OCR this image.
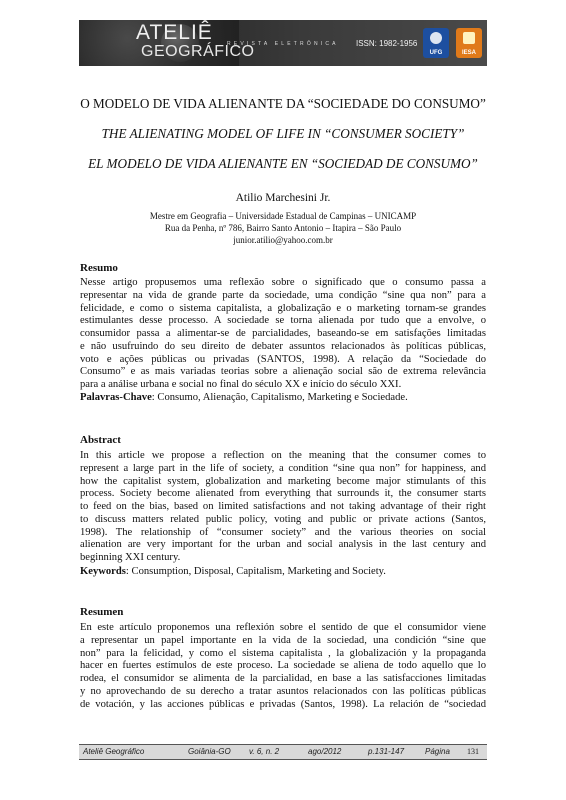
ATELIÊ
GEOGRÁFICO
REVISTA ELETRÔNICA ISSN: 1982-1956
UFG	IESA
O MODELO DE VIDA ALIENANTE DA “SOCIEDADE DO CONSUMO”
THE ALIENATING MODEL OF LIFE IN “CONSUMER SOCIETY”
EL MODELO DE VIDA ALIENANTE EN “SOCIEDAD DE CONSUMO”
Atilio Marchesini Jr.
Mestre em Geografia – Universidade Estadual de Campinas – UNICAMP
Rua da Penha, nº 786, Bairro Santo Antonio – Itapira – São Paulo
junior.atilio@yahoo.com.br
Resumo
Nesse artigo propusemos uma reflexão sobre o significado que o consumo passa a
representar na vida de grande parte da sociedade, uma condição “sine qua non” para a
felicidade, e como o sistema capitalista, a globalização e o marketing tornam-se grandes
estimulantes desse processo. A sociedade se torna alienada por tudo que a envolve, o
consumidor passa a alimentar-se de parcialidades, baseando-se em satisfações limitadas
e não usufruindo do seu direito de debater assuntos relacionados às políticas públicas,
voto e ações públicas ou privadas (SANTOS, 1998). A relação da “Sociedade do
Consumo” e as mais variadas teorias sobre a alienação social são de extrema relevância
para a análise urbana e social no final do século XX e início do século XXI.
Palavras-Chave: Consumo, Alienação, Capitalismo, Marketing e Sociedade.
Abstract
In this article we propose a reflection on the meaning that the consumer comes to
represent a large part in the life of society, a condition “sine qua non” for happiness, and
how the capitalist system, globalization and marketing become major stimulants of this
process. Society become alienated from everything that surrounds it, the consumer starts
to feed on the bias, based on limited satisfactions and not taking advantage of their right
to discuss matters related public policy, voting and public or private actions (Santos,
1998). The relationship of “consumer society” and the various theories on social
alienation are very important for the urban and social analysis in the last century and
beginning XXI century.
Keywords: Consumption, Disposal, Capitalism, Marketing and Society.
Resumen
En este artículo proponemos una reflexión sobre el sentido de que el consumidor viene
a representar un papel importante en la vida de la sociedad, una condición “sine que
non” para la felicidad, y como el sistema capitalista , la globalización y la propaganda
hacer en fuertes estímulos de este proceso. La sociedade se aliena de todo aquello que lo
rodea, el consumidor se alimenta de la parcialidad, en base a las satisfacciones limitadas
y no aprovechando de su derecho a tratar asuntos relacionados con las políticas públicas
de votación, y las acciones públicas e privadas (Santos, 1998). La relación de “sociedad
Ateliê Geográfico	Goiânia-GO v. 6, n. 2	ago/2012	p.131-147	Página 131
